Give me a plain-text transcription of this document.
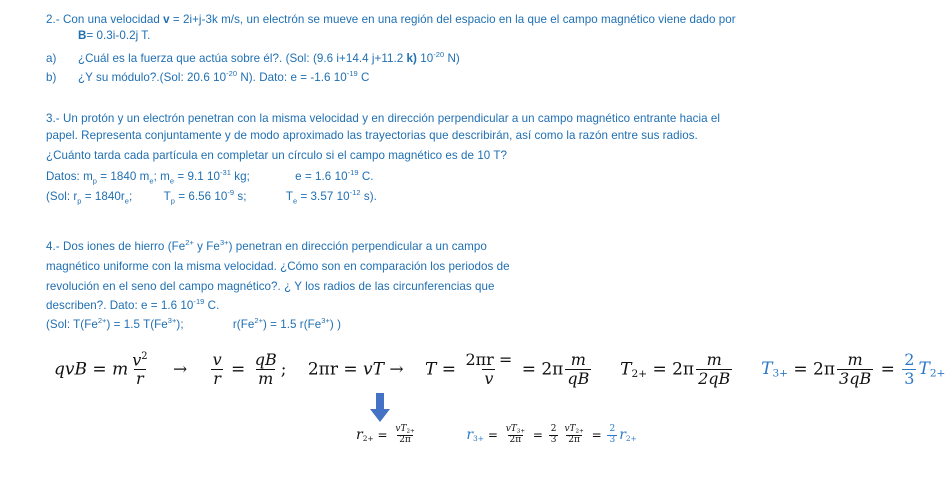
2.- Con una velocidad v = 2i+j-3k m/s, un electrón se mueve en una región del espacio en la que el campo magnético viene dado por
B= 0.3i-0.2j T.
a) ¿Cuál es la fuerza que actúa sobre él?. (Sol: (9.6 i+14.4 j+11.2 k) $10^{-20}$ N)
b) ¿Y su módulo?.(Sol: 20.6 $10^{-20}$ N). Dato: e = -1.6 $10^{-19}$ C
3.- Un protón y un electrón penetran con la misma velocidad y en dirección perpendicular a un campo magnético entrante hacia el
papel. Representa conjuntamente y de modo aproximado las trayectorias que describirán, así como la razón entre sus radios.
¿Cuánto tarda cada partícula en completar un círculo si el campo magnético es de 10 T?
Datos: $m_p = 1840$ $m_e$; $m_e = 9.1$ $10^{-31}$ kg;	e = 1.6 $10^{-19}$ C.
(Sol: $r_p = 1840r_e$;	$T_p = 6.56$ $10^{-9}$ s;	$T_e = 3.57$ $10^{-12}$ s).
4.- Dos iones de hierro ($Fe^{2+}$ y $Fe^{3+}$) penetran en dirección perpendicular a un campo
magnético uniforme con la misma velocidad. ¿Cómo son en comparación los periodos de
revolución en el seno del campo magnético?. ¿ Y los radios de las circunferencias que
describen?. Dato: e = 1.6 $10^{-19}$ C.
(Sol: $T(Fe^{2+}) = 1.5$ $T(Fe^{3+})$;	$r(Fe^{2+}) = 1.5$ $r(Fe^{3+})$ )
qvB = m $\frac{v^2}{r} \to \frac{v}{r} = \frac{qB}{m}$ ; 2πr = vT → $T = \frac{2\pi r =}{v} = 2\pi \frac{m}{qB} T_{2+} = 2\pi \frac{m}{2qB} T_{3+} = 2\pi \frac{m}{3qB} = \frac{2}{3} T_{2+}$
$r_{2+} = \frac{vT_{2+}}{2\pi}$	$r_{3+} = \frac{vT_{3+}}{2\pi} = \frac{2}{3} \frac{vT_{2+}}{2\pi} = \frac{2}{3} r_{2+}$
